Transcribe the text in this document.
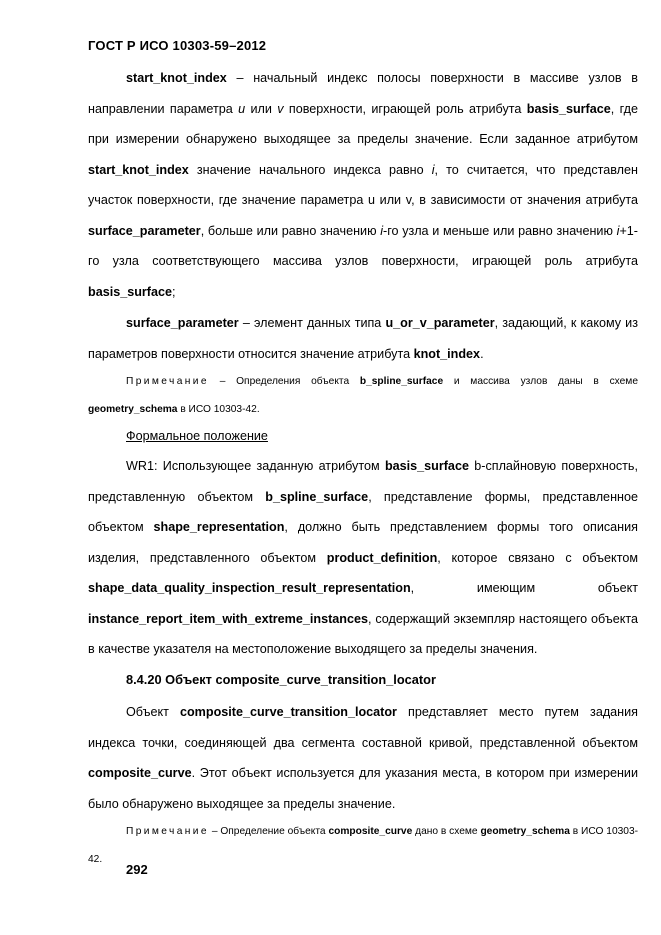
ГОСТ Р ИСО 10303-59–2012
start_knot_index – начальный индекс полосы поверхности в массиве узлов в направлении параметра u или v поверхности, играющей роль атрибута basis_surface, где при измерении обнаружено выходящее за пределы значение. Если заданное атрибутом start_knot_index значение начального индекса равно i, то считается, что представлен участок поверхности, где значение параметра u или v, в зависимости от значения атрибута surface_parameter, больше или равно значению i-го узла и меньше или равно значению i+1-го узла соответствующего массива узлов поверхности, играющей роль атрибута basis_surface;
surface_parameter – элемент данных типа u_or_v_parameter, задающий, к какому из параметров поверхности относится значение атрибута knot_index.
Примечание – Определения объекта b_spline_surface и массива узлов даны в схеме geometry_schema в ИСО 10303-42.
Формальное положение
WR1: Использующее заданную атрибутом basis_surface b-сплайновую поверхность, представленную объектом b_spline_surface, представление формы, представленное объектом shape_representation, должно быть представлением формы того описания изделия, представленного объектом product_definition, которое связано с объектом shape_data_quality_inspection_result_representation, имеющим объект instance_report_item_with_extreme_instances, содержащий экземпляр настоящего объекта в качестве указателя на местоположение выходящего за пределы значения.
8.4.20 Объект composite_curve_transition_locator
Объект composite_curve_transition_locator представляет место путем задания индекса точки, соединяющей два сегмента составной кривой, представленной объектом composite_curve. Этот объект используется для указания места, в котором при измерении было обнаружено выходящее за пределы значение.
Примечание – Определение объекта composite_curve дано в схеме geometry_schema в ИСО 10303-42.
292
